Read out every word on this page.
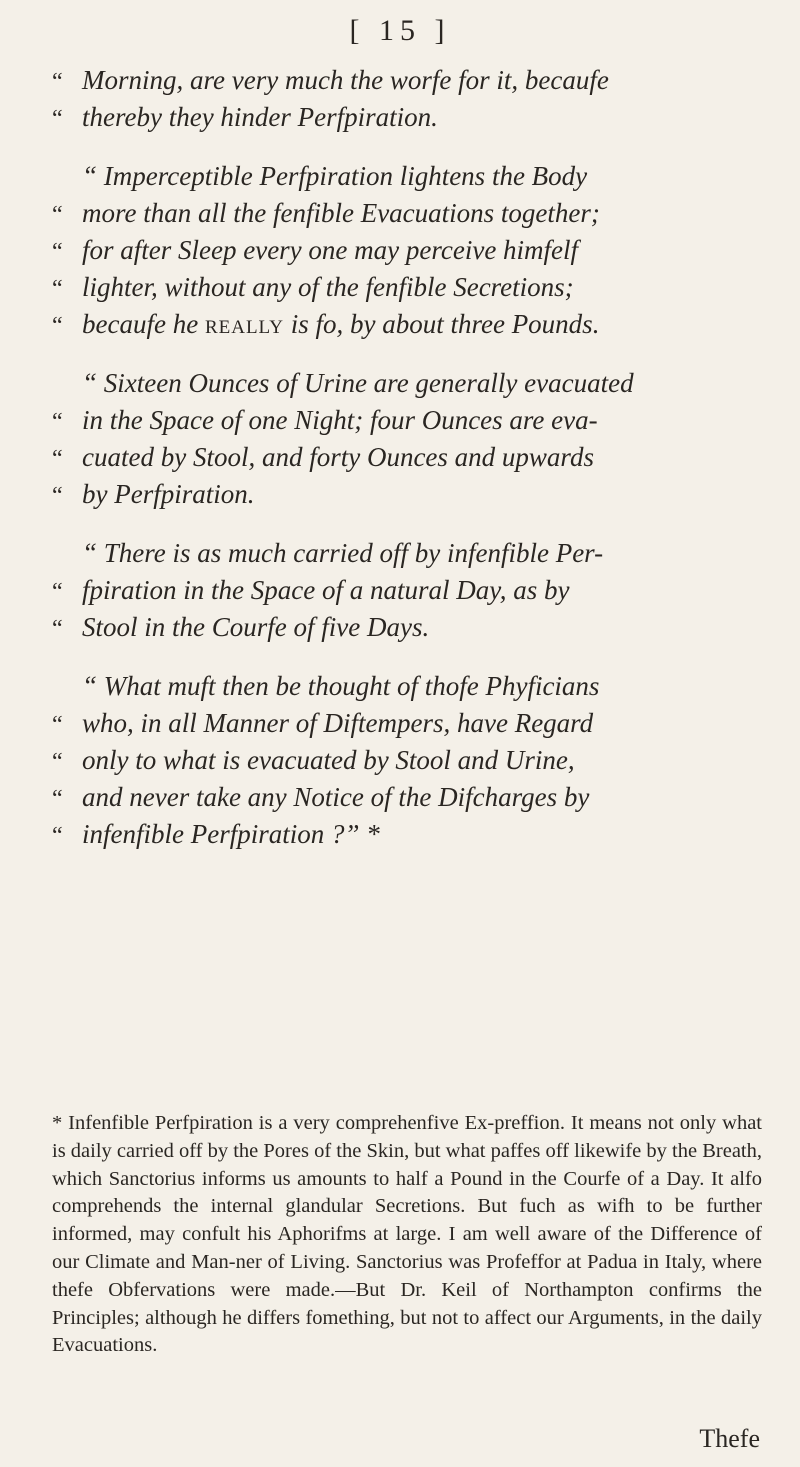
[ 15 ]
“ Morning, are very much the worfe for it, becaufe
“ thereby they hinder Perfpiration.
“ Imperceptible Perfpiration lightens the Body
“ more than all the fenfible Evacuations together;
“ for after Sleep every one may perceive himfelf
“ lighter, without any of the fenfible Secretions;
“ becaufe he really is fo, by about three Pounds.
“ Sixteen Ounces of Urine are generally evacuated
“ in the Space of one Night; four Ounces are eva-
“ cuated by Stool, and forty Ounces and upwards
“ by Perfpiration.
“ There is as much carried off by infenfible Per-
“ fpiration in the Space of a natural Day, as by
“ Stool in the Courfe of five Days.
“ What muft then be thought of thofe Phyficians
“ who, in all Manner of Diftempers, have Regard
“ only to what is evacuated by Stool and Urine,
“ and never take any Notice of the Difcharges by
“ infenfible Perfpiration ?” *
* Infenfible Perfpiration is a very comprehenfive Ex-preffion. It means not only what is daily carried off by the Pores of the Skin, but what paffes off likewife by the Breath, which Sanctorius informs us amounts to half a Pound in the Courfe of a Day. It alfo comprehends the internal glandular Secretions. But fuch as wifh to be further informed, may confult his Aphorifms at large. I am well aware of the Difference of our Climate and Man-ner of Living. Sanctorius was Profeffor at Padua in Italy, where thefe Obfervations were made.—But Dr. Keil of Northampton confirms the Principles; although he differs fomething, but not to affect our Arguments, in the daily Evacuations.
Thefe
